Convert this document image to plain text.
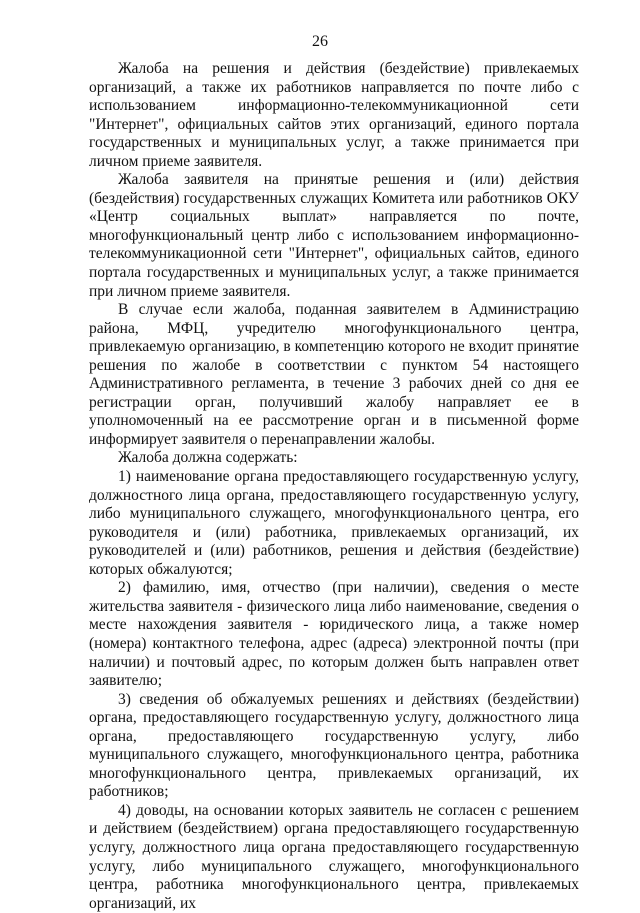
26

Жалоба на решения и действия (бездействие) привлекаемых организаций, а также их работников направляется по почте либо с использованием информационно-телекоммуникационной сети "Интернет", официальных сайтов этих организаций, единого портала государственных и муниципальных услуг, а также принимается при личном приеме заявителя.

Жалоба заявителя на принятые решения и (или) действия (бездействия) государственных служащих Комитета или работников ОКУ «Центр социальных выплат» направляется по почте, многофункциональный центр либо с использованием информационно-телекоммуникационной сети "Интернет", официальных сайтов, единого портала государственных и муниципальных услуг, а также принимается при личном приеме заявителя.

В случае если жалоба, поданная заявителем в Администрацию района, МФЦ, учредителю многофункционального центра, привлекаемую организацию, в компетенцию которого не входит принятие решения по жалобе в соответствии с пунктом 54 настоящего Административного регламента, в течение 3 рабочих дней со дня ее регистрации орган, получивший жалобу направляет ее в уполномоченный на ее рассмотрение орган и в письменной форме информирует заявителя о перенаправлении жалобы.

Жалоба должна содержать:

1) наименование органа предоставляющего государственную услугу, должностного лица органа, предоставляющего государственную услугу, либо муниципального служащего, многофункционального центра, его руководителя и (или) работника, привлекаемых организаций, их руководителей и (или) работников, решения и действия (бездействие) которых обжалуются;

2) фамилию, имя, отчество (при наличии), сведения о месте жительства заявителя - физического лица либо наименование, сведения о месте нахождения заявителя - юридического лица, а также номер (номера) контактного телефона, адрес (адреса) электронной почты (при наличии) и почтовый адрес, по которым должен быть направлен ответ заявителю;

3) сведения об обжалуемых решениях и действиях (бездействии) органа, предоставляющего государственную услугу, должностного лица органа, предоставляющего государственную услугу, либо муниципального служащего, многофункционального центра, работника многофункционального центра, привлекаемых организаций, их работников;

4) доводы, на основании которых заявитель не согласен с решением и действием (бездействием) органа предоставляющего государственную услугу, должностного лица органа предоставляющего государственную услугу, либо муниципального служащего, многофункционального центра, работника многофункционального центра, привлекаемых организаций, их
